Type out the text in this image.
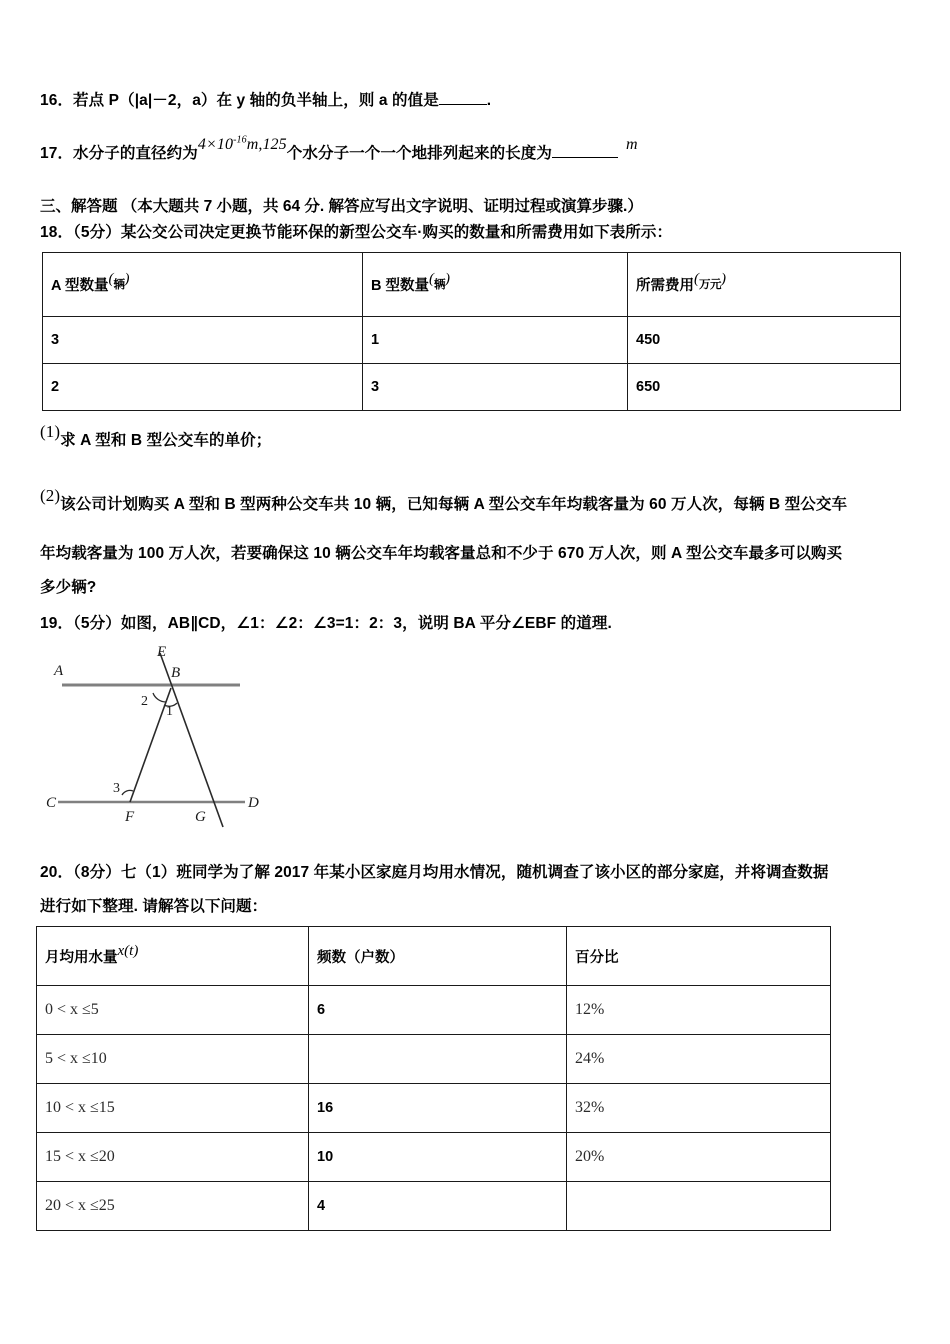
16．若点 P（|a|－2，a）在 y 轴的负半轴上，则 a 的值是	.
17．水分子的直径约为$4\times 10^{-16}m,125$个水分子一个一个地排列起来的长度为m
三、解答题 （本大题共 7 小题，共 64 分. 解答应写出文字说明、证明过程或演算步骤.）
18．（5分）某公交公司决定更换节能环保的新型公交车·购买的数量和所需费用如下表所示：
A 型数量$(_辆)$	B 型数量$(_辆)$	所需费用$(_{万元})$
3	1	450
2	3	650
(1)求 A 型和 B 型公交车的单价；
(2)该公司计划购买 A 型和 B 型两种公交车共 10 辆，已知每辆 A 型公交车年均载客量为 60 万人次，每辆 B 型公交车
年均载客量为 100 万人次，若要确保这 10 辆公交车年均载客量总和不少于 670 万人次，则 A 型公交车最多可以购买
多少辆?
19．（5分）如图，AB∥CD，∠1：∠2：∠3=1：2：3，说明 BA 平分∠EBF 的道理.
A	B
C	D
E
F	G
1
2
3
20．（8分）七（1）班同学为了解 2017 年某小区家庭月均用水情况，随机调查了该小区的部分家庭，并将调查数据
进行如下整理. 请解答以下问题：
月均用水量x(t)	频数（户数）	百分比
0 < x ≤5	6	12%
5 < x ≤10		24%
10 < x ≤15	16	32%
15 < x ≤20	10	20%
20 < x ≤25	4	
